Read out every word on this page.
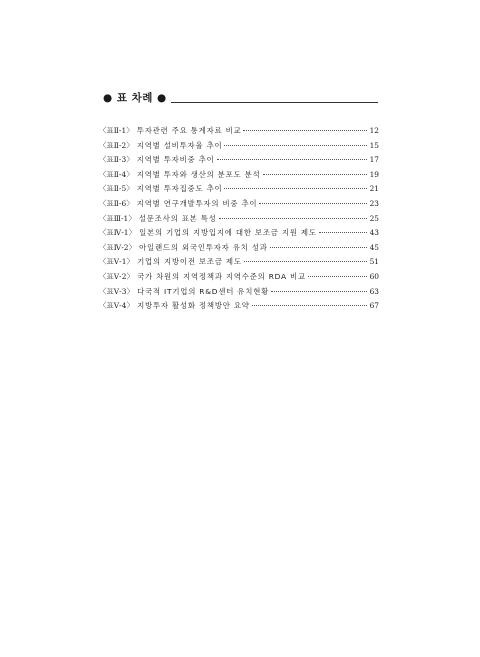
● 표 차례 ●
〈표Ⅱ-1〉 투자관련 주요 통계자료 비교	12
〈표Ⅱ-2〉 지역별 설비투자율 추이	15
〈표Ⅱ-3〉 지역별 투자비중 추이	17
〈표Ⅱ-4〉 지역별 투자와 생산의 분포도 분석	19
〈표Ⅱ-5〉 지역별 투자집중도 추이	21
〈표Ⅱ-6〉 지역별 연구개발투자의 비중 추이	23
〈표Ⅲ-1〉 설문조사의 표본 특성	25
〈표Ⅳ-1〉 일본의 기업의 지방입지에 대한 보조금 지원 제도	43
〈표Ⅳ-2〉 아일랜드의 외국인투자자 유치 성과	45
〈표Ⅴ-1〉 기업의 지방이전 보조금 제도	51
〈표Ⅴ-2〉 국가 차원의 지역정책과 지역수준의 RDA 비교	60
〈표Ⅴ-3〉 다국적 IT기업의 R&D센터 유치현황	63
〈표Ⅴ-4〉 지방투자 활성화 정책방안 요약	67
